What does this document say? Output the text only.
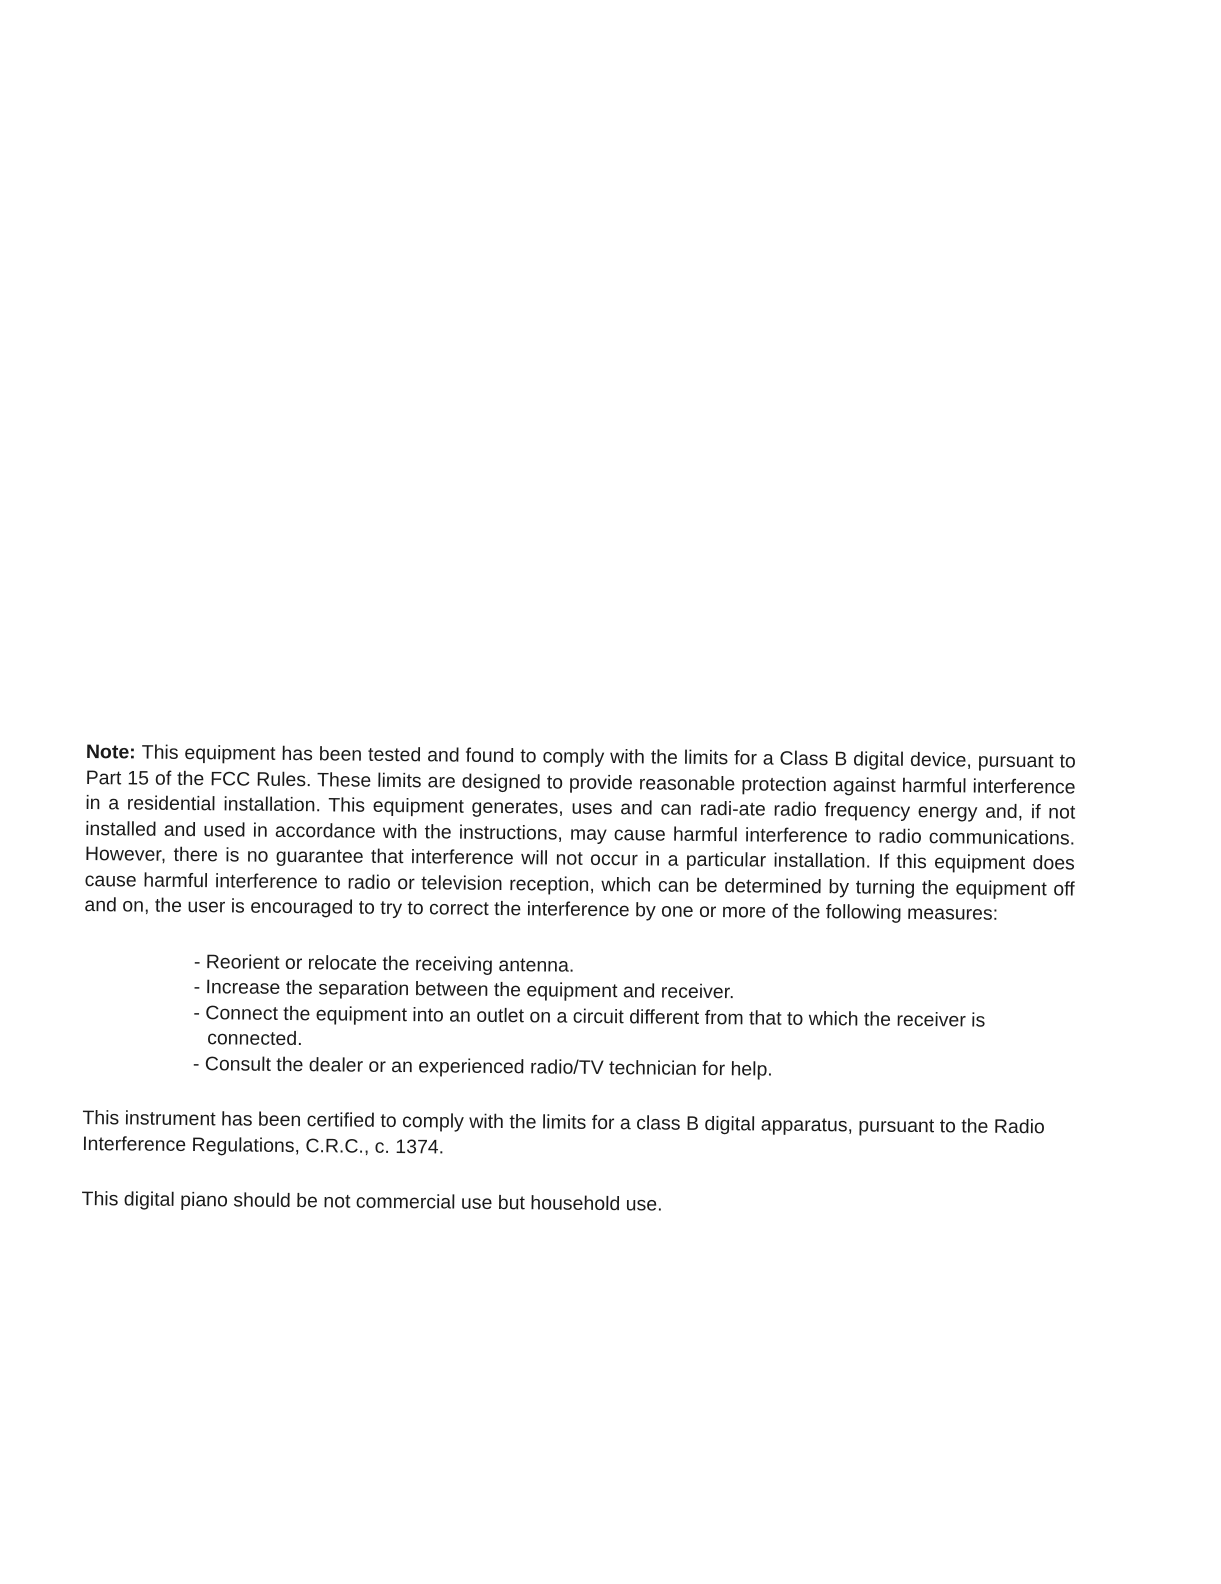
Note: This equipment has been tested and found to comply with the limits for a Class B digital device, pursuant to Part 15 of the FCC Rules. These limits are designed to provide reasonable protection against harmful interference in a residential installation. This equipment generates, uses and can radi-ate radio frequency energy and, if not installed and used in accordance with the instructions, may cause harmful interference to radio communications. However, there is no guarantee that interference will not occur in a particular installation. If this equipment does cause harmful interference to radio or television reception, which can be determined by turning the equipment off and on, the user is encouraged to try to correct the interference by one or more of the following measures:

- Reorient or relocate the receiving antenna.
- Increase the separation between the equipment and receiver.
- Connect the equipment into an outlet on a circuit different from that to which the receiver is connected.
- Consult the dealer or an experienced radio/TV technician for help.

This instrument has been certified to comply with the limits for a class B digital apparatus, pursuant to the Radio Interference Regulations, C.R.C., c. 1374.

This digital piano should be not commercial use but household use.
